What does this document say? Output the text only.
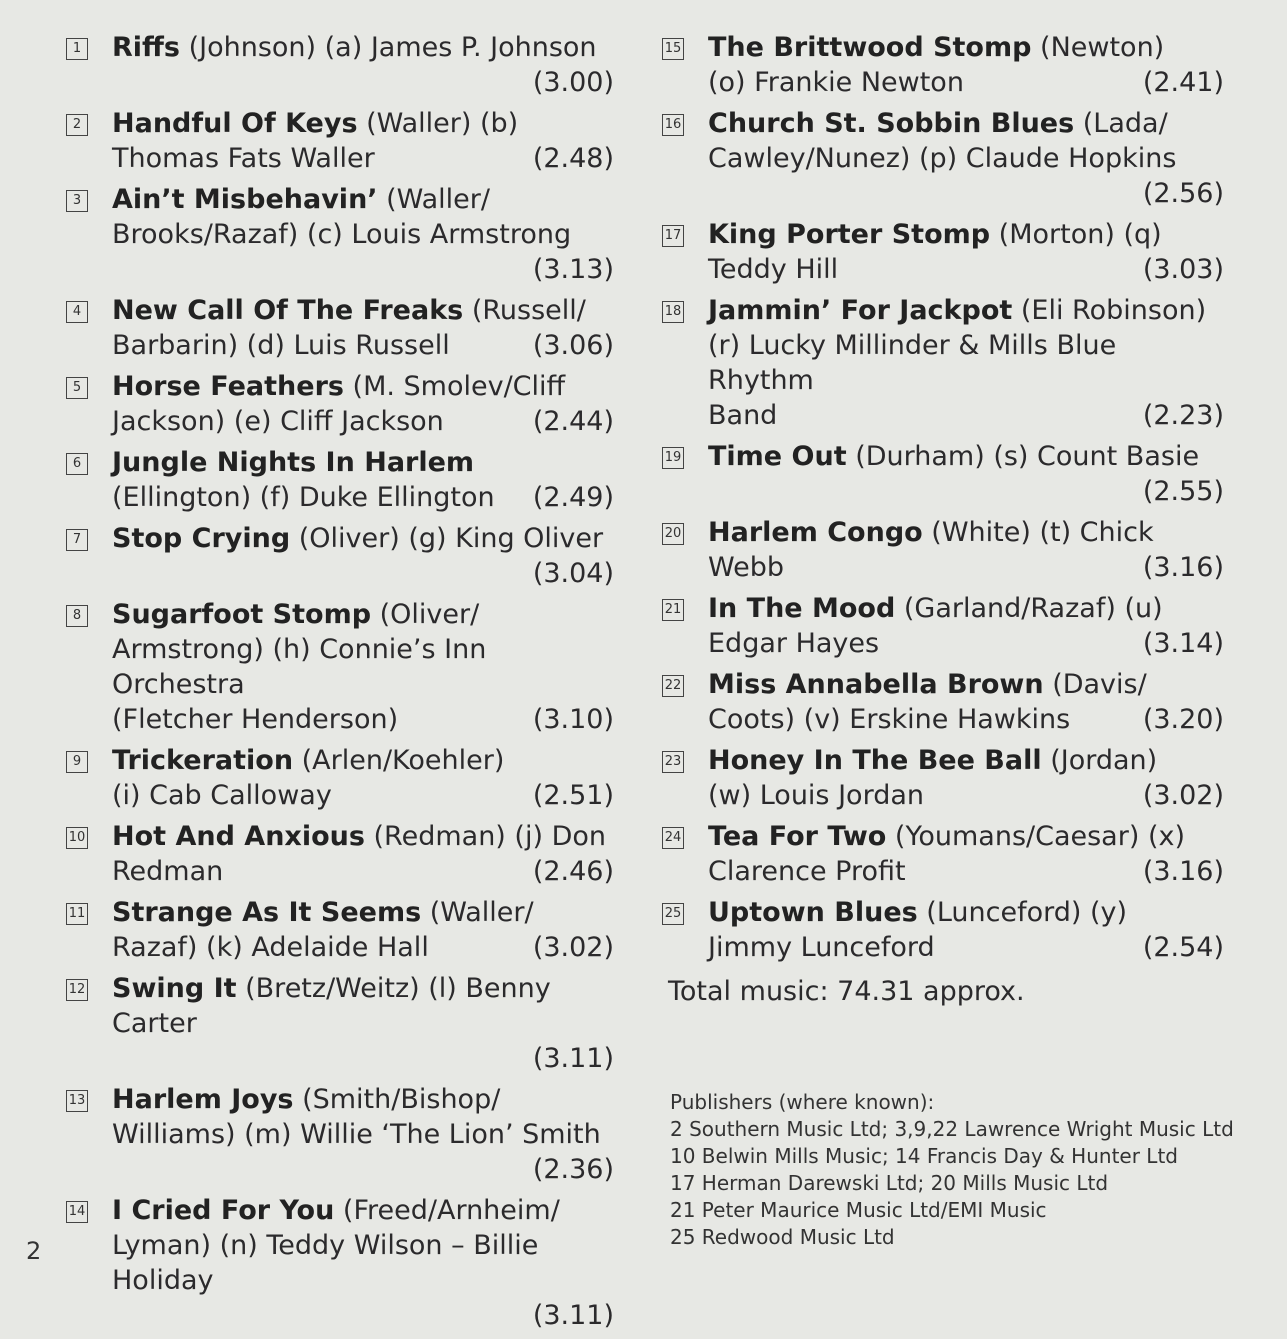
1 Riffs (Johnson) (a) James P. Johnson
(3.00)
2 Handful Of Keys (Waller) (b)
(2.48)
Thomas Fats Waller
3 Ain’t Misbehavin’ (Waller/
Brooks/Razaf) (c) Louis Armstrong
(3.13)
4 New Call Of The Freaks (Russell/
(3.06)
Barbarin) (d) Luis Russell
5 Horse Feathers (M. Smolev/Cliff
(2.44)
Jackson) (e) Cliff Jackson
6 Jungle Nights In Harlem
(2.49)
(Ellington) (f) Duke Ellington
7 Stop Crying (Oliver) (g) King Oliver
(3.04)
8 Sugarfoot Stomp (Oliver/
Armstrong) (h) Connie’s Inn Orchestra
(3.10)
(Fletcher Henderson)
9 Trickeration (Arlen/Koehler)
(2.51)
(i) Cab Calloway
10 Hot And Anxious (Redman) (j) Don
(2.46)
Redman
11 Strange As It Seems (Waller/
(3.02)
Razaf) (k) Adelaide Hall
12 Swing It (Bretz/Weitz) (l) Benny Carter
(3.11)
13 Harlem Joys (Smith/Bishop/
Williams) (m) Willie ‘The Lion’ Smith
(2.36)
14 I Cried For You (Freed/Arnheim/
Lyman) (n) Teddy Wilson – Billie Holiday
(3.11)
15 The Brittwood Stomp (Newton)
(2.41)
(o) Frankie Newton
16 Church St. Sobbin Blues (Lada/
Cawley/Nunez) (p) Claude Hopkins
(2.56)
17 King Porter Stomp (Morton) (q)
(3.03)
Teddy Hill
18 Jammin’ For Jackpot (Eli Robinson)
(r) Lucky Millinder & Mills Blue Rhythm
(2.23)
Band
19 Time Out (Durham) (s) Count Basie
(2.55)
20 Harlem Congo (White) (t) Chick
(3.16)
Webb
21 In The Mood (Garland/Razaf) (u)
(3.14)
Edgar Hayes
22 Miss Annabella Brown (Davis/
(3.20)
Coots) (v) Erskine Hawkins
23 Honey In The Bee Ball (Jordan)
(3.02)
(w) Louis Jordan
24 Tea For Two (Youmans/Caesar) (x)
(3.16)
Clarence Profit
25 Uptown Blues (Lunceford) (y)
(2.54)
Jimmy Lunceford
Total music: 74.31 approx.
Publishers (where known):
2 Southern Music Ltd; 3,9,22 Lawrence Wright Music Ltd
10 Belwin Mills Music; 14 Francis Day & Hunter Ltd
17 Herman Darewski Ltd; 20 Mills Music Ltd
21 Peter Maurice Music Ltd/EMI Music
25 Redwood Music Ltd
2
